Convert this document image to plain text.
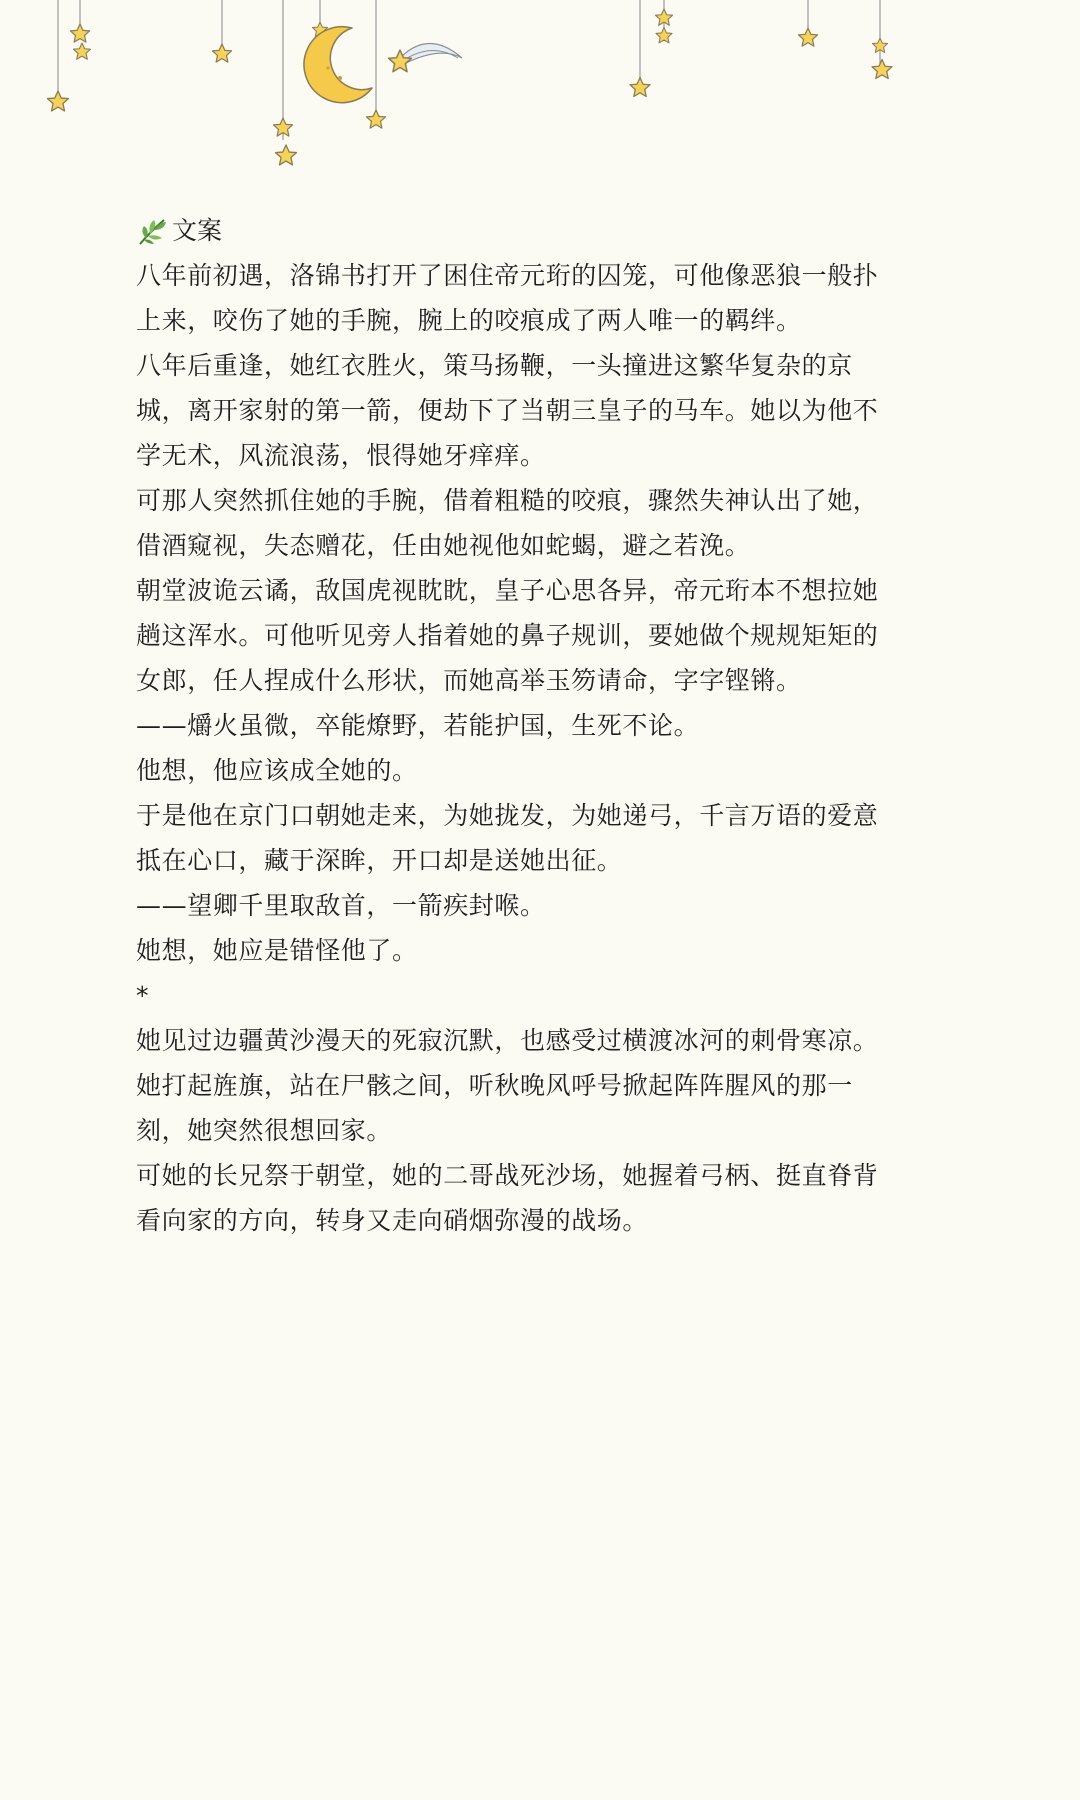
文案
八年前初遇，洛锦书打开了困住帝元珩的囚笼，可他像恶狼一般扑
上来，咬伤了她的手腕，腕上的咬痕成了两人唯一的羁绊。
八年后重逢，她红衣胜火，策马扬鞭，一头撞进这繁华复杂的京
城，离开家射的第一箭，便劫下了当朝三皇子的马车。她以为他不
学无术，风流浪荡，恨得她牙痒痒。
可那人突然抓住她的手腕，借着粗糙的咬痕，骤然失神认出了她，
借酒窥视，失态赠花，任由她视他如蛇蝎，避之若浼。
朝堂波诡云谲，敌国虎视眈眈，皇子心思各异，帝元珩本不想拉她
趟这浑水。可他听见旁人指着她的鼻子规训，要她做个规规矩矩的
女郎，任人捏成什么形状，而她高举玉笏请命，字字铿锵。
——爝火虽微，卒能燎野，若能护国，生死不论。
他想，他应该成全她的。
于是他在京门口朝她走来，为她拢发，为她递弓，千言万语的爱意
抵在心口，藏于深眸，开口却是送她出征。
——望卿千里取敌首，一箭疾封喉。
她想，她应是错怪他了。
*
她见过边疆黄沙漫天的死寂沉默，也感受过横渡冰河的刺骨寒凉。
她打起旌旗，站在尸骸之间，听秋晚风呼号掀起阵阵腥风的那一
刻，她突然很想回家。
可她的长兄祭于朝堂，她的二哥战死沙场，她握着弓柄、挺直脊背
看向家的方向，转身又走向硝烟弥漫的战场。
